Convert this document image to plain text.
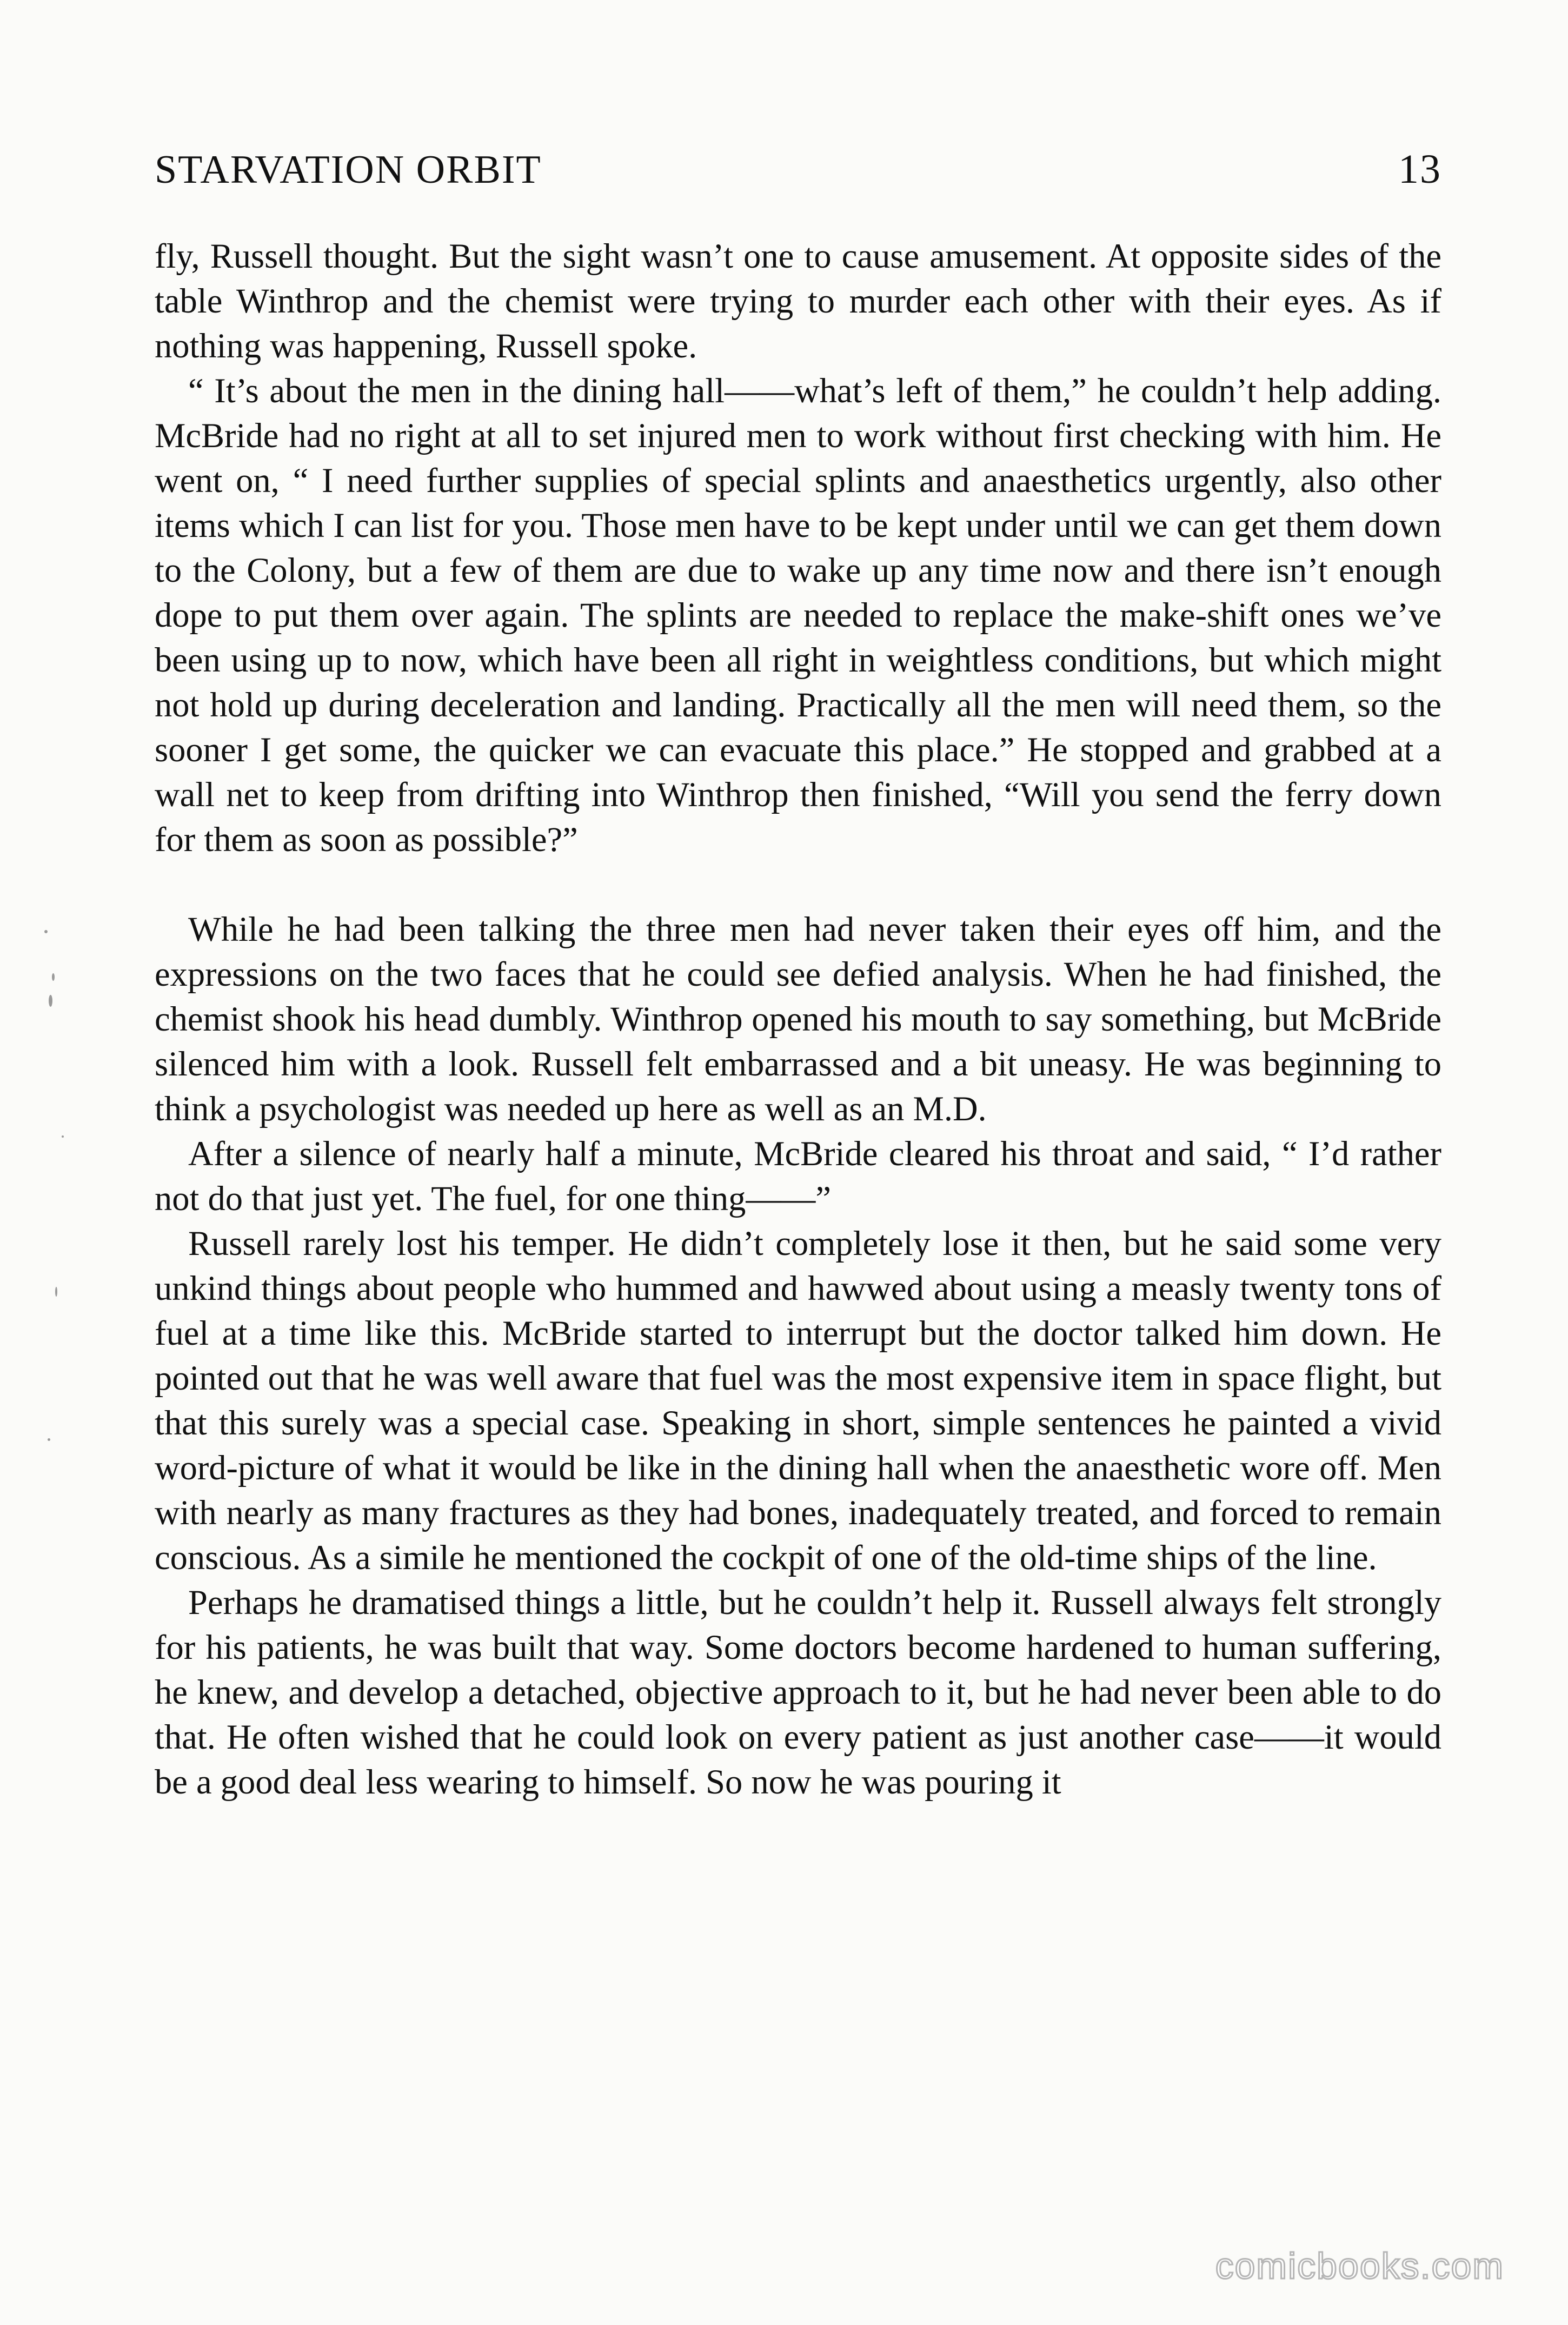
STARVATION ORBIT	13

fly, Russell thought. But the sight wasn’t one to cause amusement. At opposite sides of the table Winthrop and the chemist were trying to murder each other with their eyes. As if nothing was happening, Russell spoke.

“ It’s about the men in the dining hall——what’s left of them,” he couldn’t help adding. McBride had no right at all to set injured men to work without first checking with him. He went on, “ I need further supplies of special splints and anaesthetics urgently, also other items which I can list for you. Those men have to be kept under until we can get them down to the Colony, but a few of them are due to wake up any time now and there isn’t enough dope to put them over again. The splints are needed to replace the make-shift ones we’ve been using up to now, which have been all right in weightless conditions, but which might not hold up during deceleration and landing. Practically all the men will need them, so the sooner I get some, the quicker we can evacuate this place.” He stopped and grabbed at a wall net to keep from drifting into Winthrop then finished, “Will you send the ferry down for them as soon as possible?”

While he had been talking the three men had never taken their eyes off him, and the expressions on the two faces that he could see defied analysis. When he had finished, the chemist shook his head dumbly. Winthrop opened his mouth to say something, but McBride silenced him with a look. Russell felt embarrassed and a bit uneasy. He was beginning to think a psychologist was needed up here as well as an M.D.

After a silence of nearly half a minute, McBride cleared his throat and said, “ I’d rather not do that just yet. The fuel, for one thing——”

Russell rarely lost his temper. He didn’t completely lose it then, but he said some very unkind things about people who hummed and hawwed about using a measly twenty tons of fuel at a time like this. McBride started to interrupt but the doctor talked him down. He pointed out that he was well aware that fuel was the most expensive item in space flight, but that this surely was a special case. Speaking in short, simple sentences he painted a vivid word-picture of what it would be like in the dining hall when the anaesthetic wore off. Men with nearly as many fractures as they had bones, inadequately treated, and forced to remain conscious. As a simile he mentioned the cockpit of one of the old-time ships of the line.

Perhaps he dramatised things a little, but he couldn’t help it. Russell always felt strongly for his patients, he was built that way. Some doctors become hardened to human suffering, he knew, and develop a detached, objective approach to it, but he had never been able to do that. He often wished that he could look on every patient as just another case——it would be a good deal less wearing to himself. So now he was pouring it

comicbooks.com
